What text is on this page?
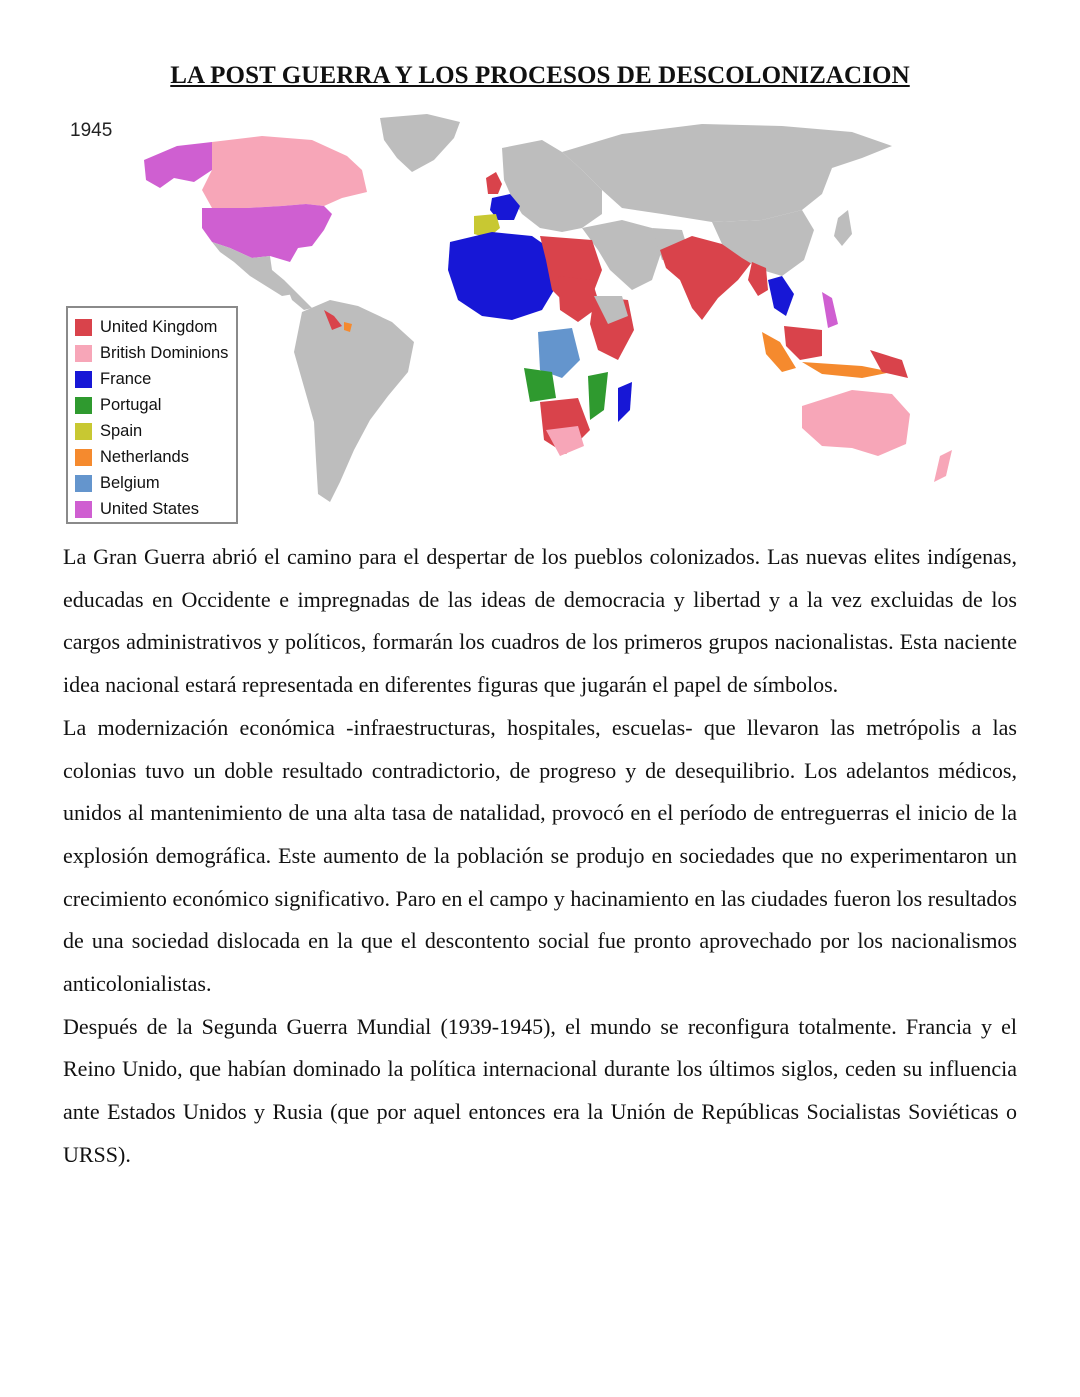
LA POST GUERRA Y LOS PROCESOS DE DESCOLONIZACION
1945
United Kingdom
British Dominions
France
Portugal
Spain
Netherlands
Belgium
United States

La Gran Guerra abrió el camino para el despertar de los pueblos colonizados. Las nuevas elites indígenas, educadas en Occidente e impregnadas de las ideas de democracia y libertad y a la vez excluidas de los cargos administrativos y políticos, formarán los cuadros de los primeros grupos nacionalistas. Esta naciente idea nacional estará representada en diferentes figuras que jugarán el papel de símbolos.

La modernización económica -infraestructuras, hospitales, escuelas- que llevaron las metrópolis a las colonias tuvo un doble resultado contradictorio, de progreso y de desequilibrio. Los adelantos médicos, unidos al mantenimiento de una alta tasa de natalidad, provocó en el período de entreguerras el inicio de la explosión demográfica. Este aumento de la población se produjo en sociedades que no experimentaron un crecimiento económico significativo. Paro en el campo y hacinamiento en las ciudades fueron los resultados de una sociedad dislocada en la que el descontento social fue pronto aprovechado por los nacionalismos anticolonialistas.

Después de la Segunda Guerra Mundial (1939-1945), el mundo se reconfigura totalmente. Francia y el Reino Unido, que habían dominado la política internacional durante los últimos siglos, ceden su influencia ante Estados Unidos y Rusia (que por aquel entonces era la Unión de Repúblicas Socialistas Soviéticas o URSS).
